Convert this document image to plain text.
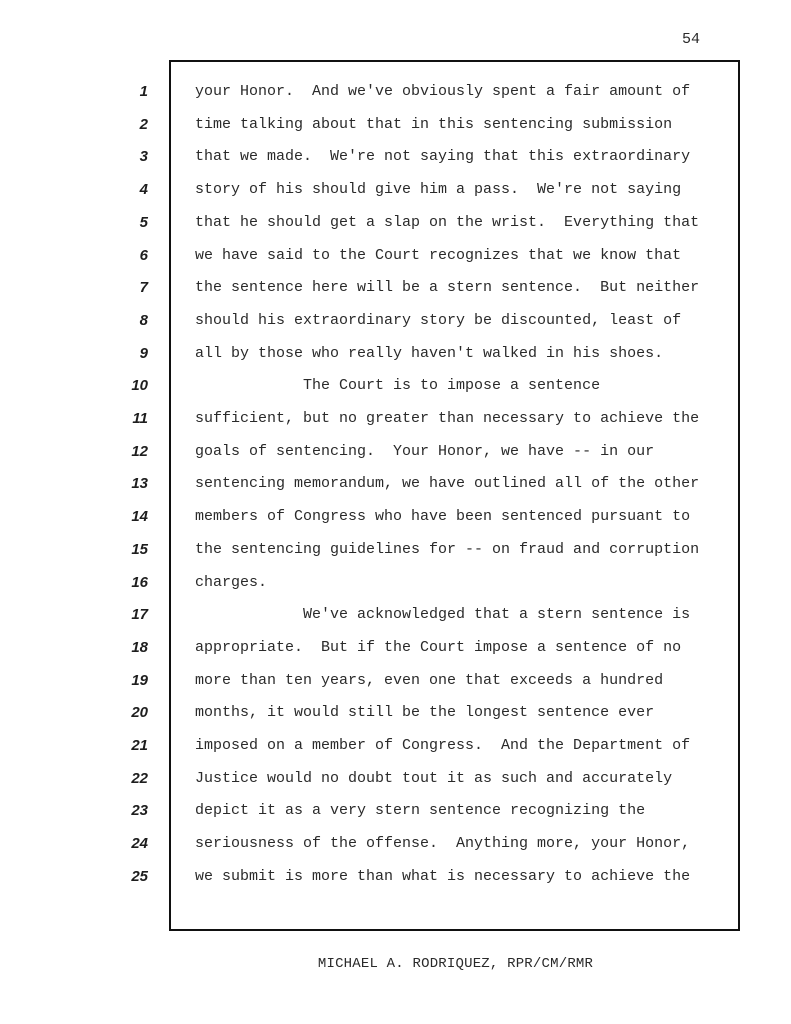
54
1	your Honor.  And we've obviously spent a fair amount of
2	time talking about that in this sentencing submission
3	that we made.  We're not saying that this extraordinary
4	story of his should give him a pass.  We're not saying
5	that he should get a slap on the wrist.  Everything that
6	we have said to the Court recognizes that we know that
7	the sentence here will be a stern sentence.  But neither
8	should his extraordinary story be discounted, least of
9	all by those who really haven't walked in his shoes.
10	The Court is to impose a sentence
11	sufficient, but no greater than necessary to achieve the
12	goals of sentencing.  Your Honor, we have -- in our
13	sentencing memorandum, we have outlined all of the other
14	members of Congress who have been sentenced pursuant to
15	the sentencing guidelines for -- on fraud and corruption
16	charges.
17	We've acknowledged that a stern sentence is
18	appropriate.  But if the Court impose a sentence of no
19	more than ten years, even one that exceeds a hundred
20	months, it would still be the longest sentence ever
21	imposed on a member of Congress.  And the Department of
22	Justice would no doubt tout it as such and accurately
23	depict it as a very stern sentence recognizing the
24	seriousness of the offense.  Anything more, your Honor,
25	we submit is more than what is necessary to achieve the
MICHAEL A. RODRIQUEZ, RPR/CM/RMR
